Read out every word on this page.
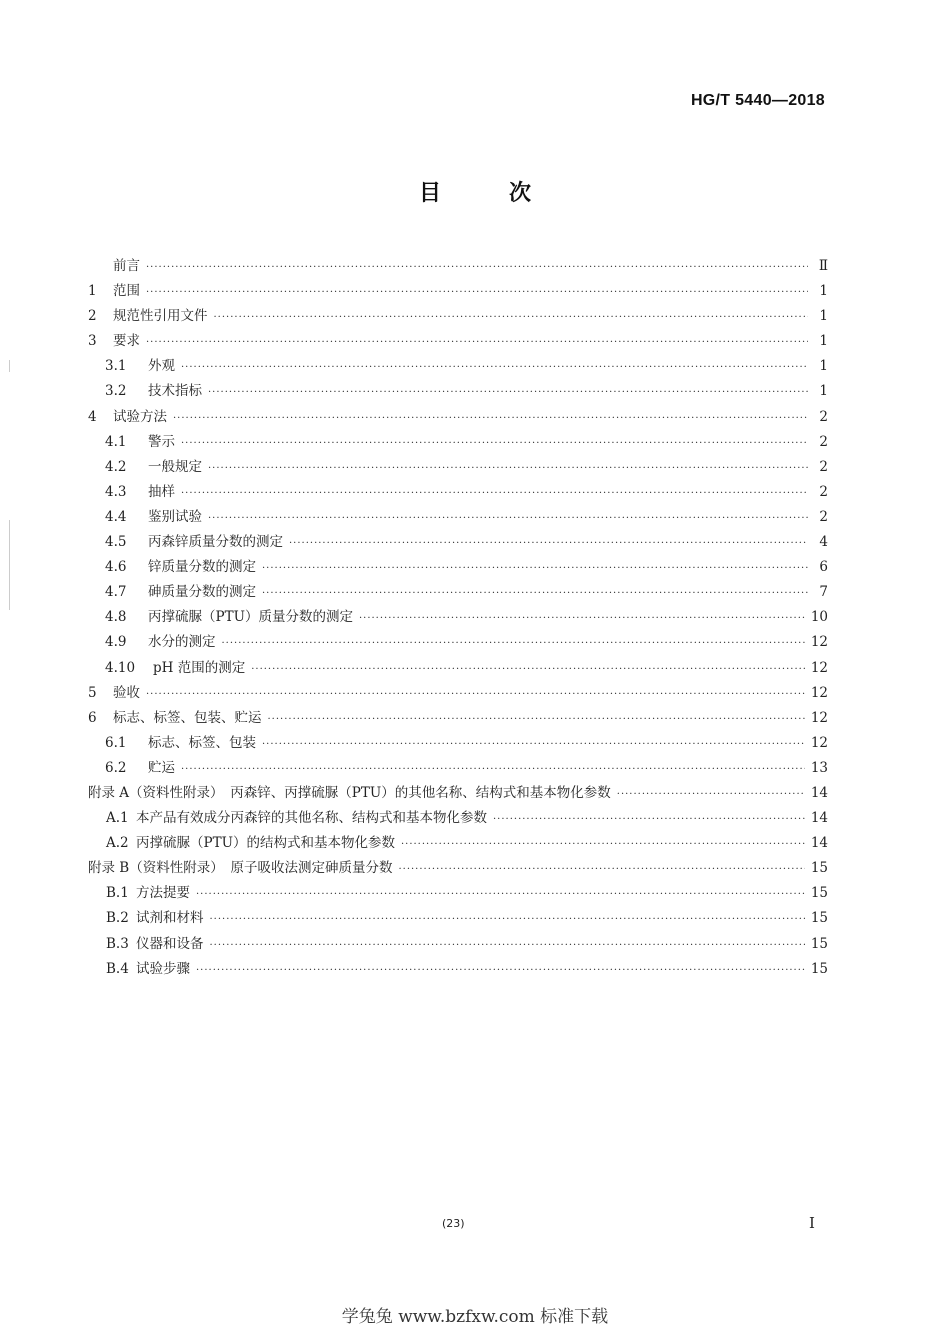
HG/T 5440—2018
目	次
前言 ·····	Ⅱ
1	范围 ·····	1
2	规范性引用文件 ·····	1
3	要求 ·····	1
3.1	外观 ·····	1
3.2	技术指标 ·····	1
4	试验方法 ·····	2
4.1	警示 ·····	2
4.2	一般规定 ·····	2
4.3	抽样 ·····	2
4.4	鉴别试验 ·····	2
4.5	丙森锌质量分数的测定 ·····	4
4.6	锌质量分数的测定 ·····	6
4.7	砷质量分数的测定 ·····	7
4.8	丙撑硫脲（PTU）质量分数的测定 ·····	10
4.9	水分的测定 ·····	12
4.10	pH 范围的测定 ·····	12
5	验收 ·····	12
6	标志、标签、包装、贮运 ·····	12
6.1	标志、标签、包装 ·····	12
6.2	贮运 ·····	13
附录 A（资料性附录）　丙森锌、丙撑硫脲（PTU）的其他名称、结构式和基本物化参数 ·····	14
A.1 本产品有效成分丙森锌的其他名称、结构式和基本物化参数 ·····	14
A.2 丙撑硫脲（PTU）的结构式和基本物化参数 ·····	14
附录 B（资料性附录）　原子吸收法测定砷质量分数 ·····	15
B.1 方法提要 ·····	15
B.2 试剂和材料 ·····	15
B.3 仪器和设备 ·····	15
B.4 试验步骤 ·····	15
(23)	I
学兔兔 www.bzfxw.com 标准下载
